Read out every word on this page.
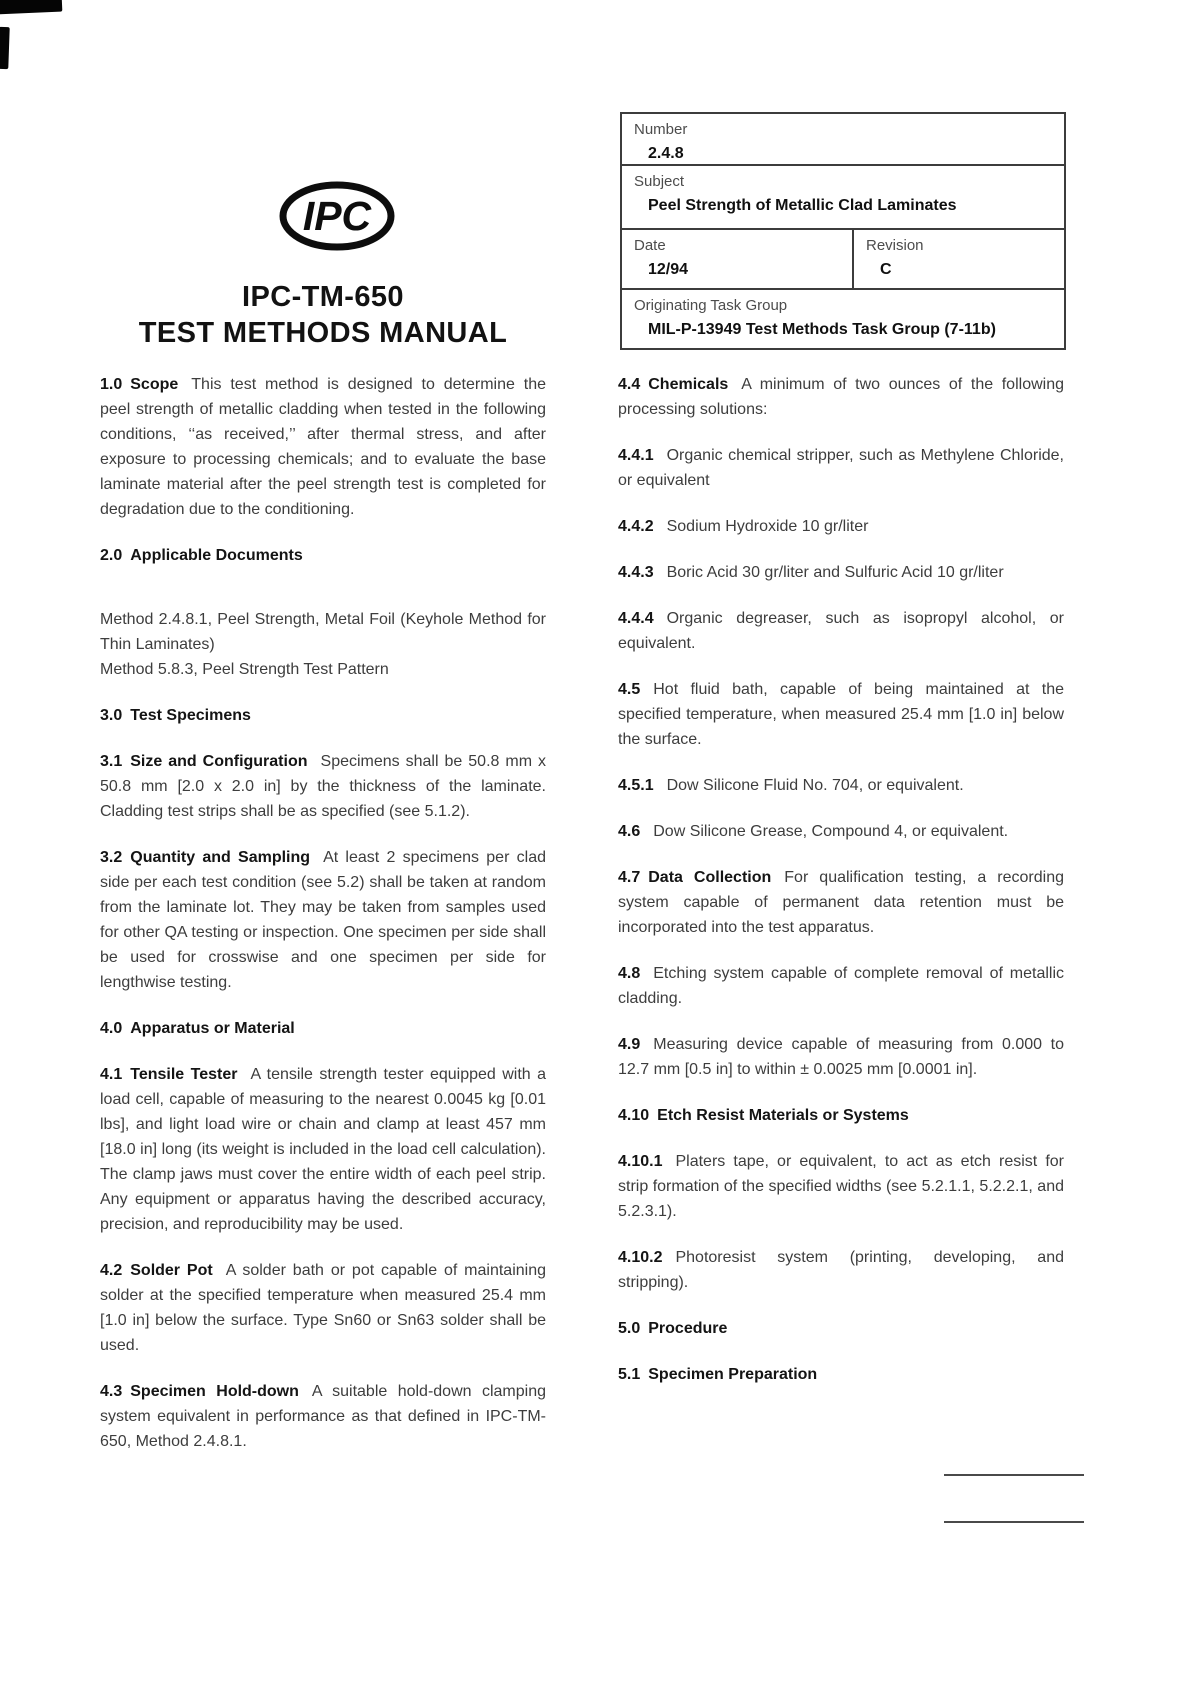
IPC
IPC-TM-650
TEST METHODS MANUAL
Number
2.4.8
Subject
Peel Strength of Metallic Clad Laminates
Date
12/94
Revision
C
Originating Task Group
MIL-P-13949 Test Methods Task Group (7-11b)

1.0 Scope This test method is designed to determine the peel strength of metallic cladding when tested in the following conditions, ‘‘as received,’’ after thermal stress, and after exposure to processing chemicals; and to evaluate the base laminate material after the peel strength test is completed for degradation due to the conditioning.

2.0 Applicable Documents

Method 2.4.8.1, Peel Strength, Metal Foil (Keyhole Method for Thin Laminates)
Method 5.8.3, Peel Strength Test Pattern

3.0 Test Specimens

3.1 Size and Configuration Specimens shall be 50.8 mm x 50.8 mm [2.0 x 2.0 in] by the thickness of the laminate. Cladding test strips shall be as specified (see 5.1.2).

3.2 Quantity and Sampling At least 2 specimens per clad side per each test condition (see 5.2) shall be taken at random from the laminate lot. They may be taken from samples used for other QA testing or inspection. One specimen per side shall be used for crosswise and one specimen per side for lengthwise testing.

4.0 Apparatus or Material

4.1 Tensile Tester A tensile strength tester equipped with a load cell, capable of measuring to the nearest 0.0045 kg [0.01 lbs], and light load wire or chain and clamp at least 457 mm [18.0 in] long (its weight is included in the load cell calculation). The clamp jaws must cover the entire width of each peel strip. Any equipment or apparatus having the described accuracy, precision, and reproducibility may be used.

4.2 Solder Pot A solder bath or pot capable of maintaining solder at the specified temperature when measured 25.4 mm [1.0 in] below the surface. Type Sn60 or Sn63 solder shall be used.

4.3 Specimen Hold-down A suitable hold-down clamping system equivalent in performance as that defined in IPC-TM-650, Method 2.4.8.1.

4.4 Chemicals A minimum of two ounces of the following processing solutions:

4.4.1 Organic chemical stripper, such as Methylene Chloride, or equivalent

4.4.2 Sodium Hydroxide 10 gr/liter

4.4.3 Boric Acid 30 gr/liter and Sulfuric Acid 10 gr/liter

4.4.4 Organic degreaser, such as isopropyl alcohol, or equivalent.

4.5 Hot fluid bath, capable of being maintained at the specified temperature, when measured 25.4 mm [1.0 in] below the surface.

4.5.1 Dow Silicone Fluid No. 704, or equivalent.

4.6 Dow Silicone Grease, Compound 4, or equivalent.

4.7 Data Collection For qualification testing, a recording system capable of permanent data retention must be incorporated into the test apparatus.

4.8 Etching system capable of complete removal of metallic cladding.

4.9 Measuring device capable of measuring from 0.000 to 12.7 mm [0.5 in] to within ± 0.0025 mm [0.0001 in].

4.10 Etch Resist Materials or Systems

4.10.1 Platers tape, or equivalent, to act as etch resist for strip formation of the specified widths (see 5.2.1.1, 5.2.2.1, and 5.2.3.1).

4.10.2 Photoresist system (printing, developing, and stripping).

5.0 Procedure

5.1 Specimen Preparation
